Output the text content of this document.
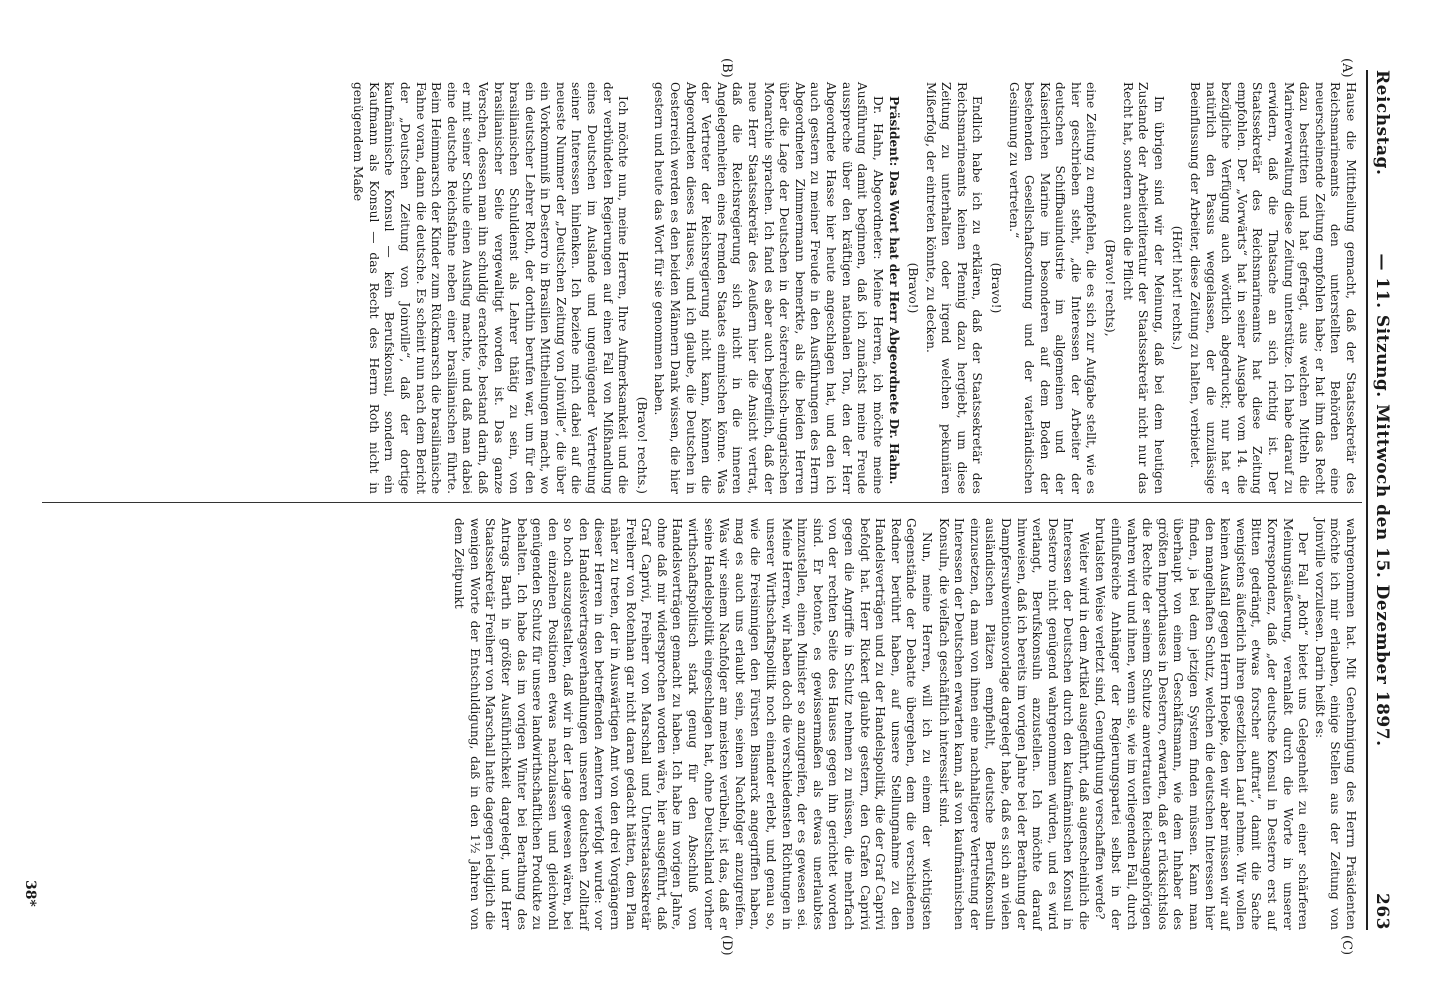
Reichstag.
— 11. Sitzung. Mittwoch den 15. Dezember 1897.
263
(A)
(B)
(C)
(D)

Hause die Mittheilung gemacht, daß der Staatssekretär des Reichsmarineamts den unterstellten Behörden eine neuerscheinende Zeitung empfohlen habe; er hat ihm das Recht dazu bestritten und hat gefragt, aus welchen Mitteln die Marineverwaltung diese Zeitung unterstütze. Ich habe darauf zu erwidern, daß die Thatsache an sich richtig ist. Der Staatssekretär des Reichsmarineamts hat diese Zeitung empfohlen. Der „Vorwärts“ hat in seiner Ausgabe vom 14. die bezügliche Verfügung auch wörtlich abgedruckt; nur hat er natürlich den Passus weggelassen, der die unzulässige Beeinflussung der Arbeiter, diese Zeitung zu halten, verbietet.

(Hört! hört! rechts.)

Im übrigen sind wir der Meinung, daß bei dem heutigen Zustande der Arbeiterliteratur der Staatssekretär nicht nur das Recht hat, sondern auch die Pflicht

(Bravo! rechts),

eine Zeitung zu empfehlen, die es sich zur Aufgabe stellt, wie es hier geschrieben steht, „die Interessen der Arbeiter der deutschen Schiffbauindustrie im allgemeinen und der Kaiserlichen Marine im besonderen auf dem Boden der bestehenden Gesellschaftsordnung und der vaterländischen Gesinnung zu vertreten.“

(Bravo!)

Endlich habe ich zu erklären, daß der Staatssekretär des Reichsmarineamts keinen Pfennig dazu hergiebt, um diese Zeitung zu unterhalten oder irgend welchen pekuniären Mißerfolg, der eintreten könnte, zu decken.

(Bravo!)

Präsident: Das Wort hat der Herr Abgeordnete Dr. Hahn.

Dr. Hahn, Abgeordneter: Meine Herren, ich möchte meine Ausführung damit beginnen, daß ich zunächst meine Freude ausspreche über den kräftigen nationalen Ton, den der Herr Abgeordnete Hasse hier heute angeschlagen hat, und den ich auch gestern zu meiner Freude in den Ausführungen des Herrn Abgeordneten Zimmermann bemerkte, als die beiden Herren über die Lage der Deutschen in der österreichisch-ungarischen Monarchie sprachen. Ich fand es aber auch begreiflich, daß der neue Herr Staatssekretär des Aeußern hier die Ansicht vertrat, daß die Reichsregierung sich nicht in die inneren Angelegenheiten eines fremden Staates einmischen könne. Was der Vertreter der Reichsregierung nicht kann, können die Abgeordneten dieses Hauses, und ich glaube, die Deutschen in Oesterreich werden es den beiden Männern Dank wissen, die hier gestern und heute das Wort für sie genommen haben.

(Bravo! rechts.)

Ich möchte nun, meine Herren, Ihre Aufmerksamkeit und die der verbündeten Regierungen auf einen Fall von Mißhandlung eines Deutschen im Auslande und ungenügender Vertretung seiner Interessen hinlenken. Ich beziehe mich dabei auf die neueste Nummer der „Deutschen Zeitung von Joinville“, die über ein Vorkommniß in Desterro in Brasilien Mittheilungen macht, wo ein deutscher Lehrer Roth, der dorthin berufen war, um für den brasilianischen Schuldienst als Lehrer thätig zu sein, von brasilianischer Seite vergewaltigt worden ist. Das ganze Verschen, dessen man ihn schuldig erachtete, bestand darin, daß er mit seiner Schule einen Ausflug machte, und daß man dabei eine deutsche Reichsfahne neben einer brasilianischen führte. Beim Heimmarsch der Kinder zum Rückmarsch die brasilianische Fahne voran, dann die deutsche. Es scheint nun nach dem Bericht der „Deutschen Zeitung von Joinville“, daß der dortige kaufmännische Konsul — kein Berufskonsul, sondern ein Kaufmann als Konsul — das Recht des Herrn Roth nicht in genügendem Maße

wahrgenommen hat. Mit Genehmigung des Herrn Präsidenten möchte ich mir erlauben, einige Stellen aus der Zeitung von Joinville vorzulesen. Darin heißt es:

Der Fall „Roth“ bietet uns Gelegenheit zu einer schärferen Meinungsäußerung, veranlaßt durch die Worte in unserer Korrespondenz, daß „der deutsche Konsul in Desterro erst auf Bitten gedrängt, etwas forscher auftrat“, damit die Sache wenigstens äußerlich ihren gesetzlichen Lauf nehme. Wir wollen keinen Ausfall gegen Herrn Hoepke, den wir aber müssen wir auf den mangelhaften Schutz, welchen die deutschen Interessen hier finden, ja bei dem jetzigen System finden müssen. Kann man überhaupt von einem Geschäftsmann, wie dem Inhaber des größten Importhauses in Desterro, erwarten, daß er rücksichtslos die Rechte der seinem Schutze anvertrauten Reichsangehörigen wahren wird und ihnen, wenn sie, wie im vorliegenden Fall, durch einflußreiche Anhänger der Regierungspartei selbst in der brutalsten Weise verletzt sind, Genugthuung verschaffen werde?

Weiter wird in dem Artikel ausgeführt, daß augenscheinlich die Interessen der Deutschen durch den kaufmännischen Konsul in Desterro nicht genügend wahrgenommen würden, und es wird verlangt, Berufskonsuln anzustellen. Ich möchte darauf hinweisen, daß ich bereits im vorigen Jahre bei der Berathung der Dampfersubventionsvorlage dargelegt habe, daß es sich an vielen ausländischen Plätzen empfiehlt, deutsche Berufskonsuln einzusetzen, da man von ihnen eine nachhaltigere Vertretung der Interessen der Deutschen erwarten kann, als von kaufmännischen Konsuln, die vielfach geschäftlich interessirt sind.

Nun, meine Herren, will ich zu einem der wichtigsten Gegenstände der Debatte übergehen, dem die verschiedenen Redner berührt haben, auf unsere Stellungnahme zu den Handelsverträgen und zu der Handelspolitik, die der Graf Caprivi befolgt hat. Herr Rickert glaubte gestern, den Grafen Caprivi gegen die Angriffe in Schutz nehmen zu müssen, die mehrfach von der rechten Seite des Hauses gegen ihn gerichtet worden sind. Er betonte, es gewissermaßen als etwas unerlaubtes hinzustellen, einen Minister so anzugreifen, der es gewesen sei. Meine Herren, wir haben doch die verschiedensten Richtungen in unserer Wirthschaftspolitik noch einander erlebt, und genau so, wie die Freisinnigen den Fürsten Bismarck angegriffen haben, mag es auch uns erlaubt sein, seinen Nachfolger anzugreifen. Was wir seinem Nachfolger am meisten verübeln, ist das, daß er seine Handelspolitik eingeschlagen hat, ohne Deutschland vorher wirthschaftspolitisch stark genug für den Abschluß von Handelsverträgen gemacht zu haben. Ich habe im vorigen Jahre, ohne daß mir widersprochen worden wäre, hier ausgeführt, daß Graf Caprivi, Freiherr von Marschall und Unterstaatssekretär Freiherr von Rotenhan gar nicht daran gedacht hätten, dem Plan näher zu treten, der in Auswärtigen Amt von den drei Vorgängern dieser Herren in den betreffenden Aemtern verfolgt wurde: vor den Handelsvertragsverhandlungen unseren deutschen Zolltarif so hoch auszugestalten, daß wir in der Lage gewesen wären, bei den einzelnen Positionen etwas nachzulassen und gleichwohl genügenden Schutz für unsere landwirthschaftlichen Produkte zu behalten. Ich habe das im vorigen Winter bei Berathung des Antrags Barth in größter Ausführlichkeit dargelegt, und Herr Staatssekretär Freiherr von Marschall hatte dagegen lediglich die wenigen Worte der Entschuldigung, daß in den 1½ Jahren von dem Zeitpunkt

38*
